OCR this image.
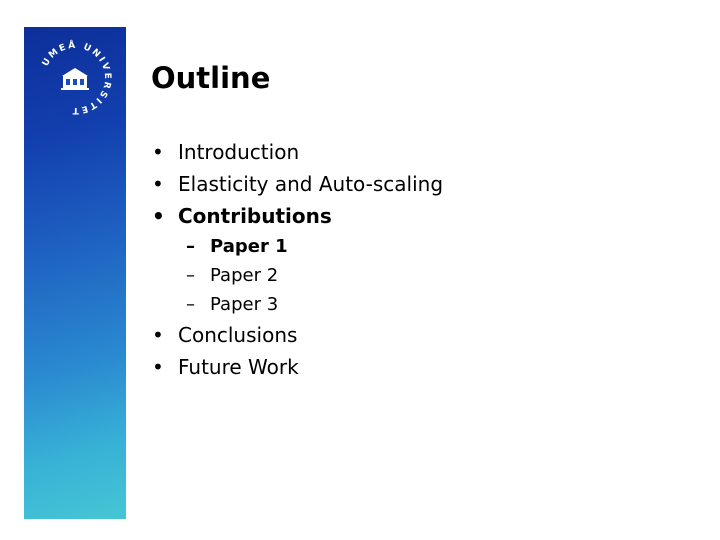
UMEÅ UNIVERSITET
Outline
• Introduction
• Elasticity and Auto-scaling
• Contributions
– Paper 1
– Paper 2
– Paper 3
• Conclusions
• Future Work
